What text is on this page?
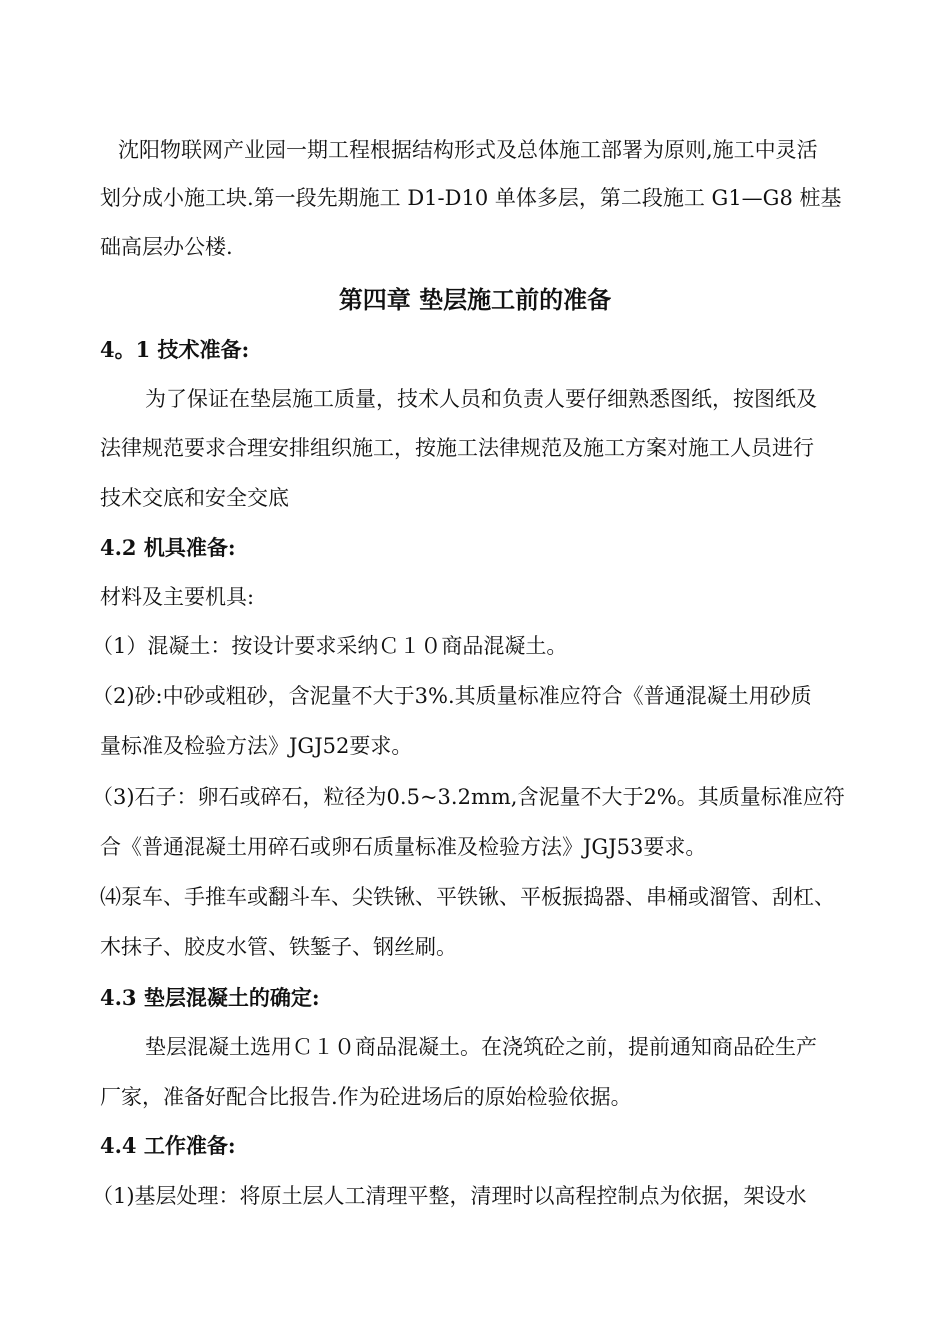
沈阳物联网产业园一期工程根据结构形式及总体施工部署为原则,施工中灵活
划分成小施工块.第一段先期施工 D1-D10 单体多层，第二段施工 G1—G8 桩基
础高层办公楼.
第四章 垫层施工前的准备
4。1 技术准备:
为了保证在垫层施工质量，技术人员和负责人要仔细熟悉图纸，按图纸及
法律规范要求合理安排组织施工，按施工法律规范及施工方案对施工人员进行
技术交底和安全交底
4.2 机具准备:
材料及主要机具:
（1）混凝土：按设计要求采纳Ｃ１０商品混凝土。
（2)砂:中砂或粗砂，含泥量不大于3%.其质量标准应符合《普通混凝土用砂质
量标准及检验方法》JGJ52要求。
（3)石子：卵石或碎石，粒径为0.5~3.2mm,含泥量不大于2%。其质量标准应符
合《普通混凝土用碎石或卵石质量标准及检验方法》JGJ53要求。
⑷泵车、手推车或翻斗车、尖铁锹、平铁锹、平板振捣器、串桶或溜管、刮杠、
木抹子、胶皮水管、铁錾子、钢丝刷。
4.3 垫层混凝土的确定:
垫层混凝土选用Ｃ１０商品混凝土。在浇筑砼之前，提前通知商品砼生产
厂家，准备好配合比报告.作为砼进场后的原始检验依据。
4.4 工作准备:
（1)基层处理：将原土层人工清理平整，清理时以高程控制点为依据，架设水
